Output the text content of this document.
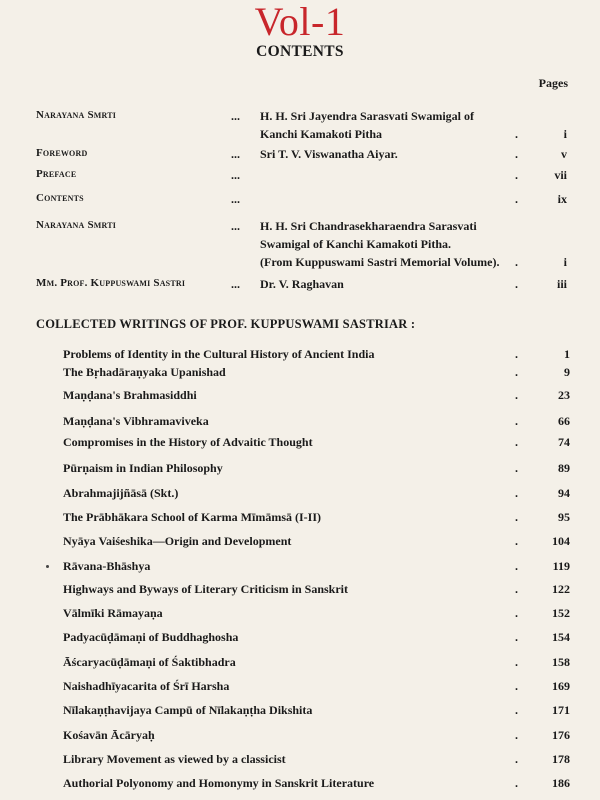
Vol-1
CONTENTS
Pages
Narayana Smrti	... H. H. Sri Jayendra Sarasvati Swamigal of
Kanchi Kamakoti Pitha	.	i
Foreword	... Sri T. V. Viswanatha Aiyar.	.	v
Preface	...	.	vii
Contents	...	.	ix
Narayana Smrti	... H. H. Sri Chandrasekharaendra Sarasvati
Swamigal of Kanchi Kamakoti Pitha.
(From Kuppuswami Sastri Memorial Volume). .	i
Mm. Prof. Kuppuswami Sastri	... Dr. V. Raghavan	.	iii
COLLECTED WRITINGS OF PROF. KUPPUSWAMI SASTRIAR :
Problems of Identity in the Cultural History of Ancient India	.	1
The Bṛhadāraṇyaka Upanishad	.	9
Maṇḍana's Brahmasiddhi	.	23
Maṇḍana's Vibhramaviveka	.	66
Compromises in the History of Advaitic Thought	.	74
Pūrṇaism in Indian Philosophy	.	89
Abrahmajijñāsā (Skt.)	.	94
The Prābhākara School of Karma Mīmāmsā (I-II)	.	95
Nyāya Vaiśeshika—Origin and Development	.	104
Rāvana-Bhāshya	.	119
Highways and Byways of Literary Criticism in Sanskrit	.	122
Vālmīki Rāmayaṇa	.	152
Padyacūḍāmaṇi of Buddhaghosha	.	154
Āścaryacūḍāmaṇi of Śaktibhadra	.	158
Naishadhīyacarita of Śrī Harsha	.	169
Nīlakaṇṭhavijaya Campū of Nīlakaṇṭha Dikshita	.	171
Kośavān Ācāryaḥ	.	176
Library Movement as viewed by a classicist	.	178
Authorial Polyonomy and Homonymy in Sanskrit Literature	.	186
